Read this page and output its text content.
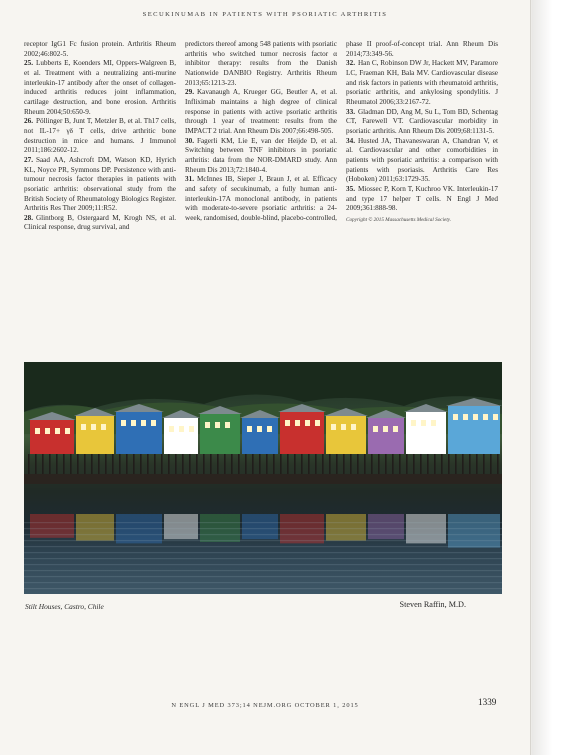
SECUKINUMAB IN PATIENTS WITH PSORIATIC ARTHRITIS

receptor IgG1 Fc fusion protein. Arthritis Rheum 2002;46:802-5.

25. Lubberts E, Koenders MI, Oppers-Walgreen B, et al. Treatment with a neutralizing anti-murine interleukin-17 antibody after the onset of collagen-induced arthritis reduces joint inflammation, cartilage destruction, and bone erosion. Arthritis Rheum 2004;50:650-9.

26. Pöllinger B, Junt T, Metzler B, et al. Th17 cells, not IL-17+ γδ T cells, drive arthritic bone destruction in mice and humans. J Immunol 2011;186:2602-12.

27. Saad AA, Ashcroft DM, Watson KD, Hyrich KL, Noyce PR, Symmons DP. Persistence with anti-tumour necrosis factor therapies in patients with psoriatic arthritis: observational study from the British Society of Rheumatology Biologics Register. Arthritis Res Ther 2009;11:R52.

28. Glintborg B, Ostergaard M, Krogh NS, et al. Clinical response, drug survival, and

predictors thereof among 548 patients with psoriatic arthritis who switched tumor necrosis factor α inhibitor therapy: results from the Danish Nationwide DANBIO Registry. Arthritis Rheum 2013;65:1213-23.

29. Kavanaugh A, Krueger GG, Beutler A, et al. Infliximab maintains a high degree of clinical response in patients with active psoriatic arthritis through 1 year of treatment: results from the IMPACT 2 trial. Ann Rheum Dis 2007;66:498-505.

30. Fagerli KM, Lie E, van der Heijde D, et al. Switching between TNF inhibitors in psoriatic arthritis: data from the NOR-DMARD study. Ann Rheum Dis 2013;72:1840-4.

31. McInnes IB, Sieper J, Braun J, et al. Efficacy and safety of secukinumab, a fully human anti-interleukin-17A monoclonal antibody, in patients with moderate-to-severe psoriatic arthritis: a 24-week, randomised, double-blind, placebo-controlled,

phase II proof-of-concept trial. Ann Rheum Dis 2014;73:349-56.

32. Han C, Robinson DW Jr, Hackett MV, Paramore LC, Fraeman KH, Bala MV. Cardiovascular disease and risk factors in patients with rheumatoid arthritis, psoriatic arthritis, and ankylosing spondylitis. J Rheumatol 2006;33:2167-72.

33. Gladman DD, Ang M, Su L, Tom BD, Schentag CT, Farewell VT. Cardiovascular morbidity in psoriatic arthritis. Ann Rheum Dis 2009;68:1131-5.

34. Husted JA, Thavaneswaran A, Chandran V, et al. Cardiovascular and other comorbidities in patients with psoriatic arthritis: a comparison with patients with psoriasis. Arthritis Care Res (Hoboken) 2011;63:1729-35.

35. Miossec P, Korn T, Kuchroo VK. Interleukin-17 and type 17 helper T cells. N Engl J Med 2009;361:888-98.

Copyright © 2015 Massachusetts Medical Society.
Stilt Houses, Castro, Chile	Steven Raffin, M.D.
N ENGL J MED 373;14 NEJM.ORG OCTOBER 1, 2015	1339
